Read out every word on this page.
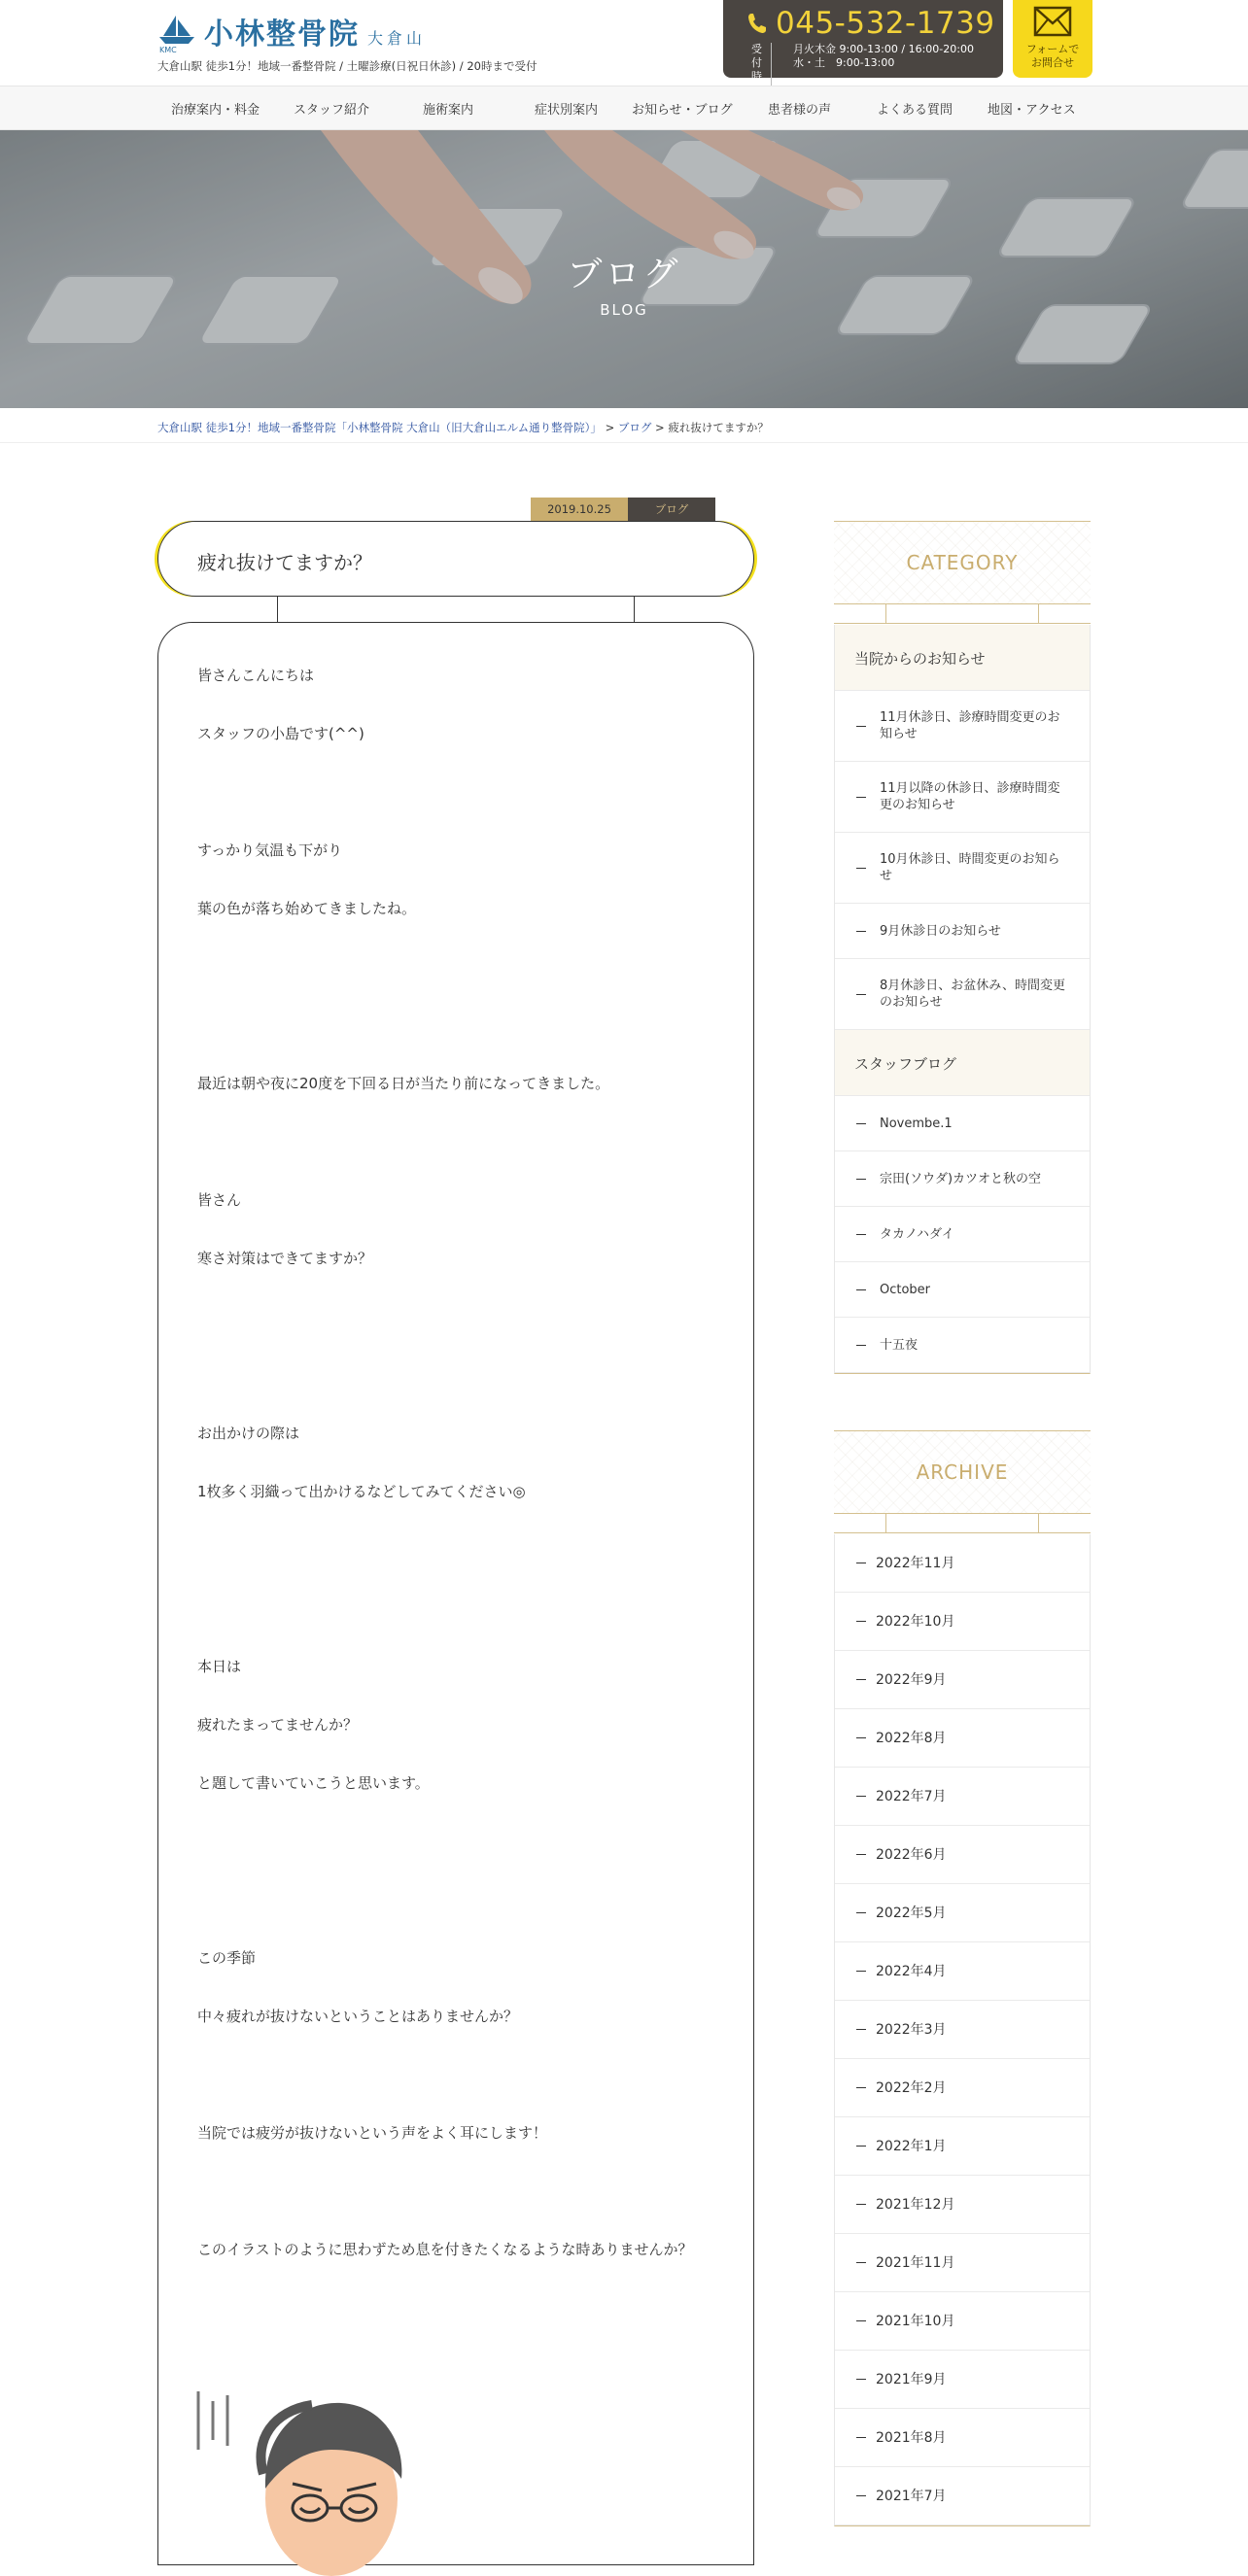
KMC 小林整骨院 大倉山
大倉山駅 徒歩1分！地域一番整骨院 / 土曜診療(日祝日休診) / 20時まで受付
045-532-1739
受付時
月火木金 9:00-13:00 / 16:00-20:00
水・土　9:00-13:00
フォームで
お問合せ
治療案内・料金	スタッフ紹介	施術案内	症状別案内	お知らせ・ブログ	患者様の声	よくある質問	地図・アクセス
ブログ
BLOG
大倉山駅 徒歩1分！地域一番整骨院「小林整骨院 大倉山（旧大倉山エルム通り整骨院）」 > ブログ > 疲れ抜けてますか？
2019.10.25	ブログ
疲れ抜けてますか？
皆さんこんにちは
スタッフの小島です(^^)
すっかり気温も下がり
葉の色が落ち始めてきましたね。
最近は朝や夜に20度を下回る日が当たり前になってきました。
皆さん
寒さ対策はできてますか？
お出かけの際は
1枚多く羽織って出かけるなどしてみてください◎
本日は
疲れたまってませんか？
と題して書いていこうと思います。
この季節
中々疲れが抜けないということはありませんか？
当院では疲労が抜けないという声をよく耳にします！
このイラストのように思わずため息を付きたくなるような時ありませんか？
CATEGORY
当院からのお知らせ
11月休診日、診療時間変更のお知らせ
11月以降の休診日、診療時間変更のお知らせ
10月休診日、時間変更のお知らせ
9月休診日のお知らせ
8月休診日、お盆休み、時間変更のお知らせ
スタッフブログ
Novembe.1
宗田(ソウダ)カツオと秋の空
タカノハダイ
October
十五夜
ARCHIVE
2022年11月
2022年10月
2022年9月
2022年8月
2022年7月
2022年6月
2022年5月
2022年4月
2022年3月
2022年2月
2022年1月
2021年12月
2021年11月
2021年10月
2021年9月
2021年8月
2021年7月
